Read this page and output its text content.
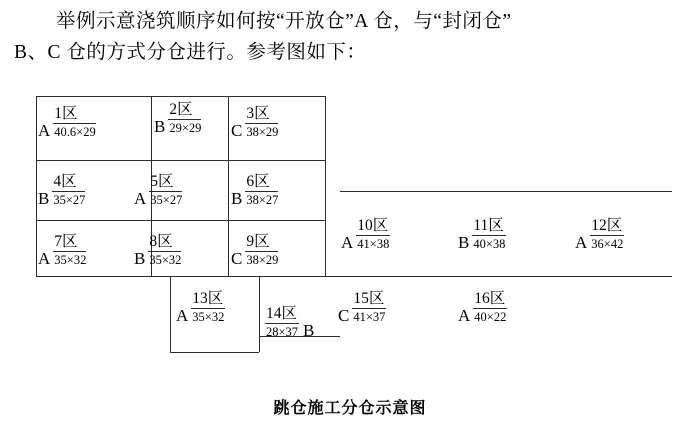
举例示意浇筑顺序如何按“开放仓”A 仓，与“封闭仓”
B、C 仓的方式分仓进行。参考图如下：
A
1区
40.6×29	B
2区
29×29 C
3区
38×29
B
4区
35×27	A
5区
35×27	B
6区
38×27
A
7区
35×32	B
8区
35×32	C
9区
38×29
A
10区
41×38	B
11区
40×38	A
12区
36×42
A
13区
35×32	14区
28×37 B
C
15区
41×37	A
16区
40×22
跳仓施工分仓示意图
